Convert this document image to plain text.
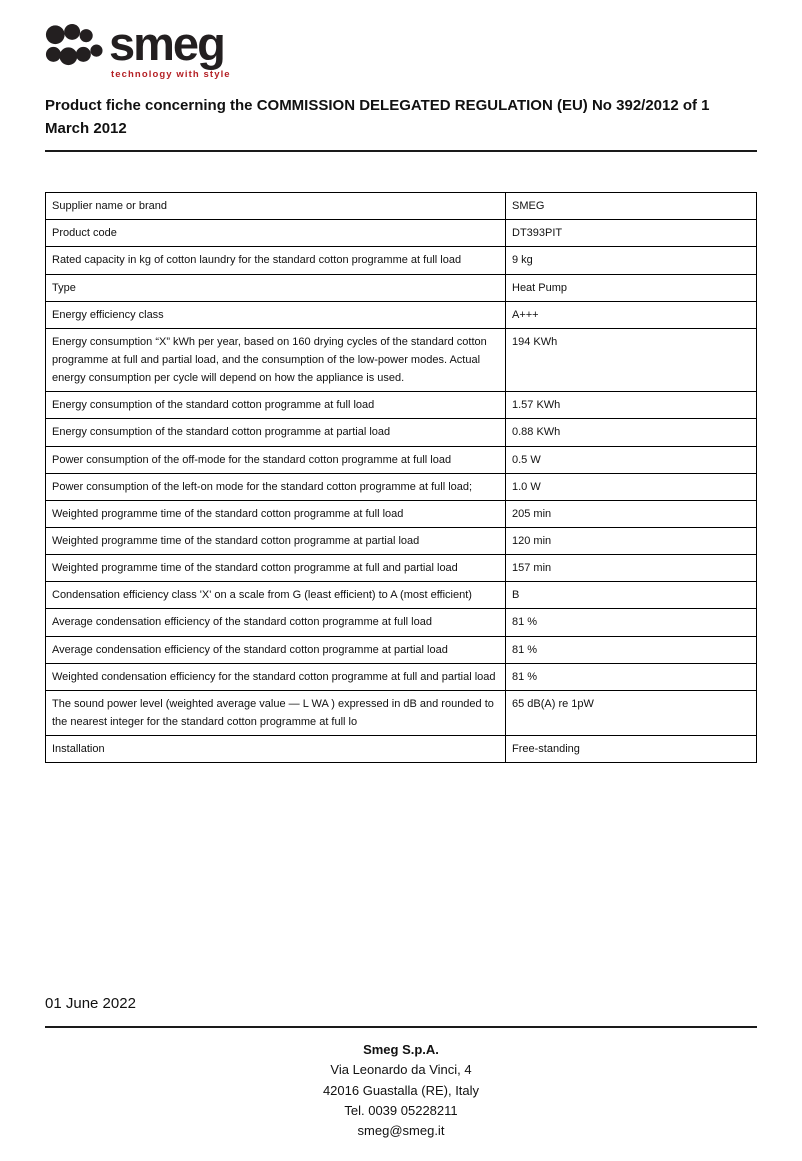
smeg
technology with style
Product fiche concerning the COMMISSION DELEGATED REGULATION (EU) No 392/2012 of 1 March 2012
Supplier name or brand	SMEG
Product code	DT393PIT
Rated capacity in kg of cotton laundry for the standard cotton programme at full load	9 kg
Type	Heat Pump
Energy efficiency class	A+++
Energy consumption “X” kWh per year, based on 160 drying cycles of the standard cotton programme at full and partial load, and the consumption of the low-power modes. Actual energy consumption per cycle will depend on how the appliance is used.	194 KWh
Energy consumption of the standard cotton programme at full load	1.57 KWh
Energy consumption of the standard cotton programme at partial load	0.88 KWh
Power consumption of the off-mode for the standard cotton programme at full load	0.5 W
Power consumption of the left-on mode for the standard cotton programme at full load;	1.0 W
Weighted programme time of the standard cotton programme at full load	205 min
Weighted programme time of the standard cotton programme at partial load	120 min
Weighted programme time of the standard cotton programme at full and partial load	157 min
Condensation efficiency class 'X' on a scale from G (least efficient) to A (most efficient)	B
Average condensation efficiency of the standard cotton programme at full load	81 %
Average condensation efficiency of the standard cotton programme at partial load	81 %
Weighted condensation efficiency for the standard cotton programme at full and partial load	81 %
The sound power level (weighted average value — L WA ) expressed in dB and rounded to the nearest integer for the standard cotton programme at full lo	65 dB(A) re 1pW
Installation	Free-standing
01 June 2022
Smeg S.p.A.
Via Leonardo da Vinci, 4
42016 Guastalla (RE), Italy
Tel. 0039 05228211
smeg@smeg.it
